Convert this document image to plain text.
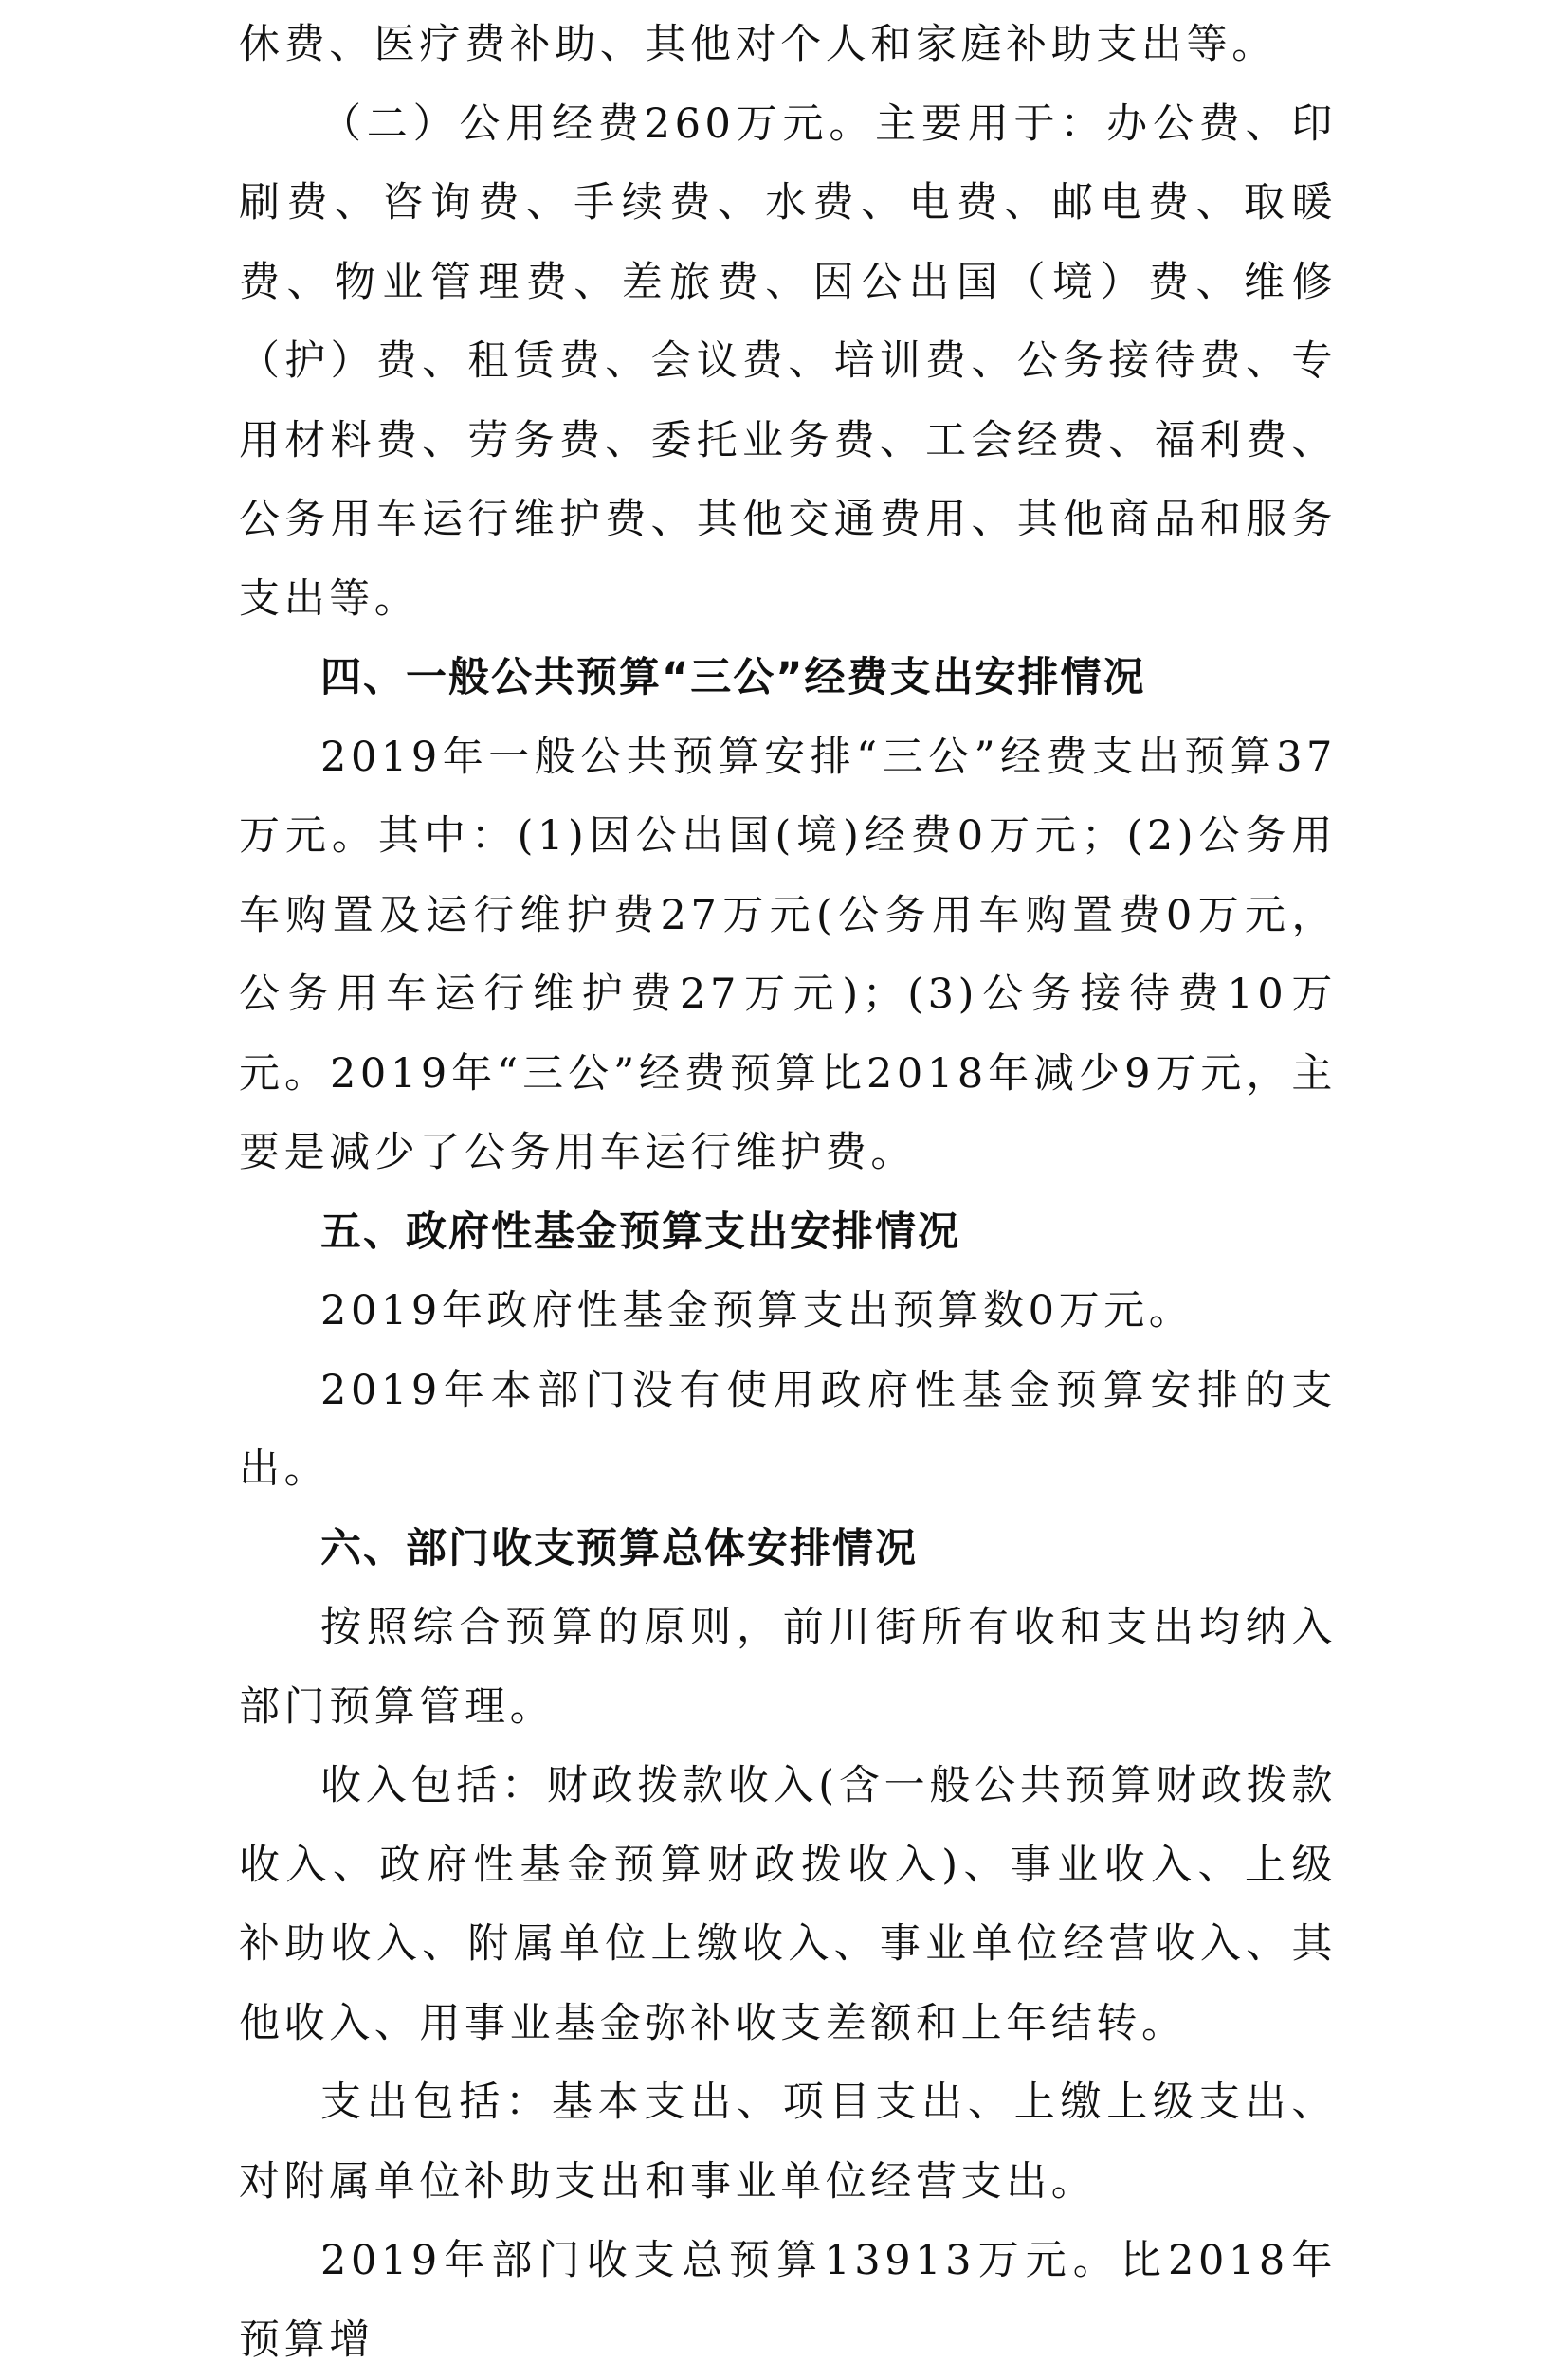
休费、医疗费补助、其他对个人和家庭补助支出等。

（二）公用经费260万元。主要用于：办公费、印刷费、咨询费、手续费、水费、电费、邮电费、取暖费、物业管理费、差旅费、因公出国（境）费、维修（护）费、租赁费、会议费、培训费、公务接待费、专用材料费、劳务费、委托业务费、工会经费、福利费、公务用车运行维护费、其他交通费用、其他商品和服务支出等。

四、一般公共预算“三公”经费支出安排情况

2019年一般公共预算安排“三公”经费支出预算37万元。其中：(1)因公出国(境)经费0万元；(2)公务用车购置及运行维护费27万元(公务用车购置费0万元，公务用车运行维护费27万元)；(3)公务接待费10万元。2019年“三公”经费预算比2018年减少9万元，主要是减少了公务用车运行维护费。

五、政府性基金预算支出安排情况

2019年政府性基金预算支出预算数0万元。

2019年本部门没有使用政府性基金预算安排的支出。

六、部门收支预算总体安排情况

按照综合预算的原则，前川街所有收和支出均纳入部门预算管理。

收入包括：财政拨款收入(含一般公共预算财政拨款收入、政府性基金预算财政拨收入)、事业收入、上级补助收入、附属单位上缴收入、事业单位经营收入、其他收入、用事业基金弥补收支差额和上年结转。

支出包括：基本支出、项目支出、上缴上级支出、对附属单位补助支出和事业单位经营支出。

2019年部门收支总预算13913万元。比2018年预算增
